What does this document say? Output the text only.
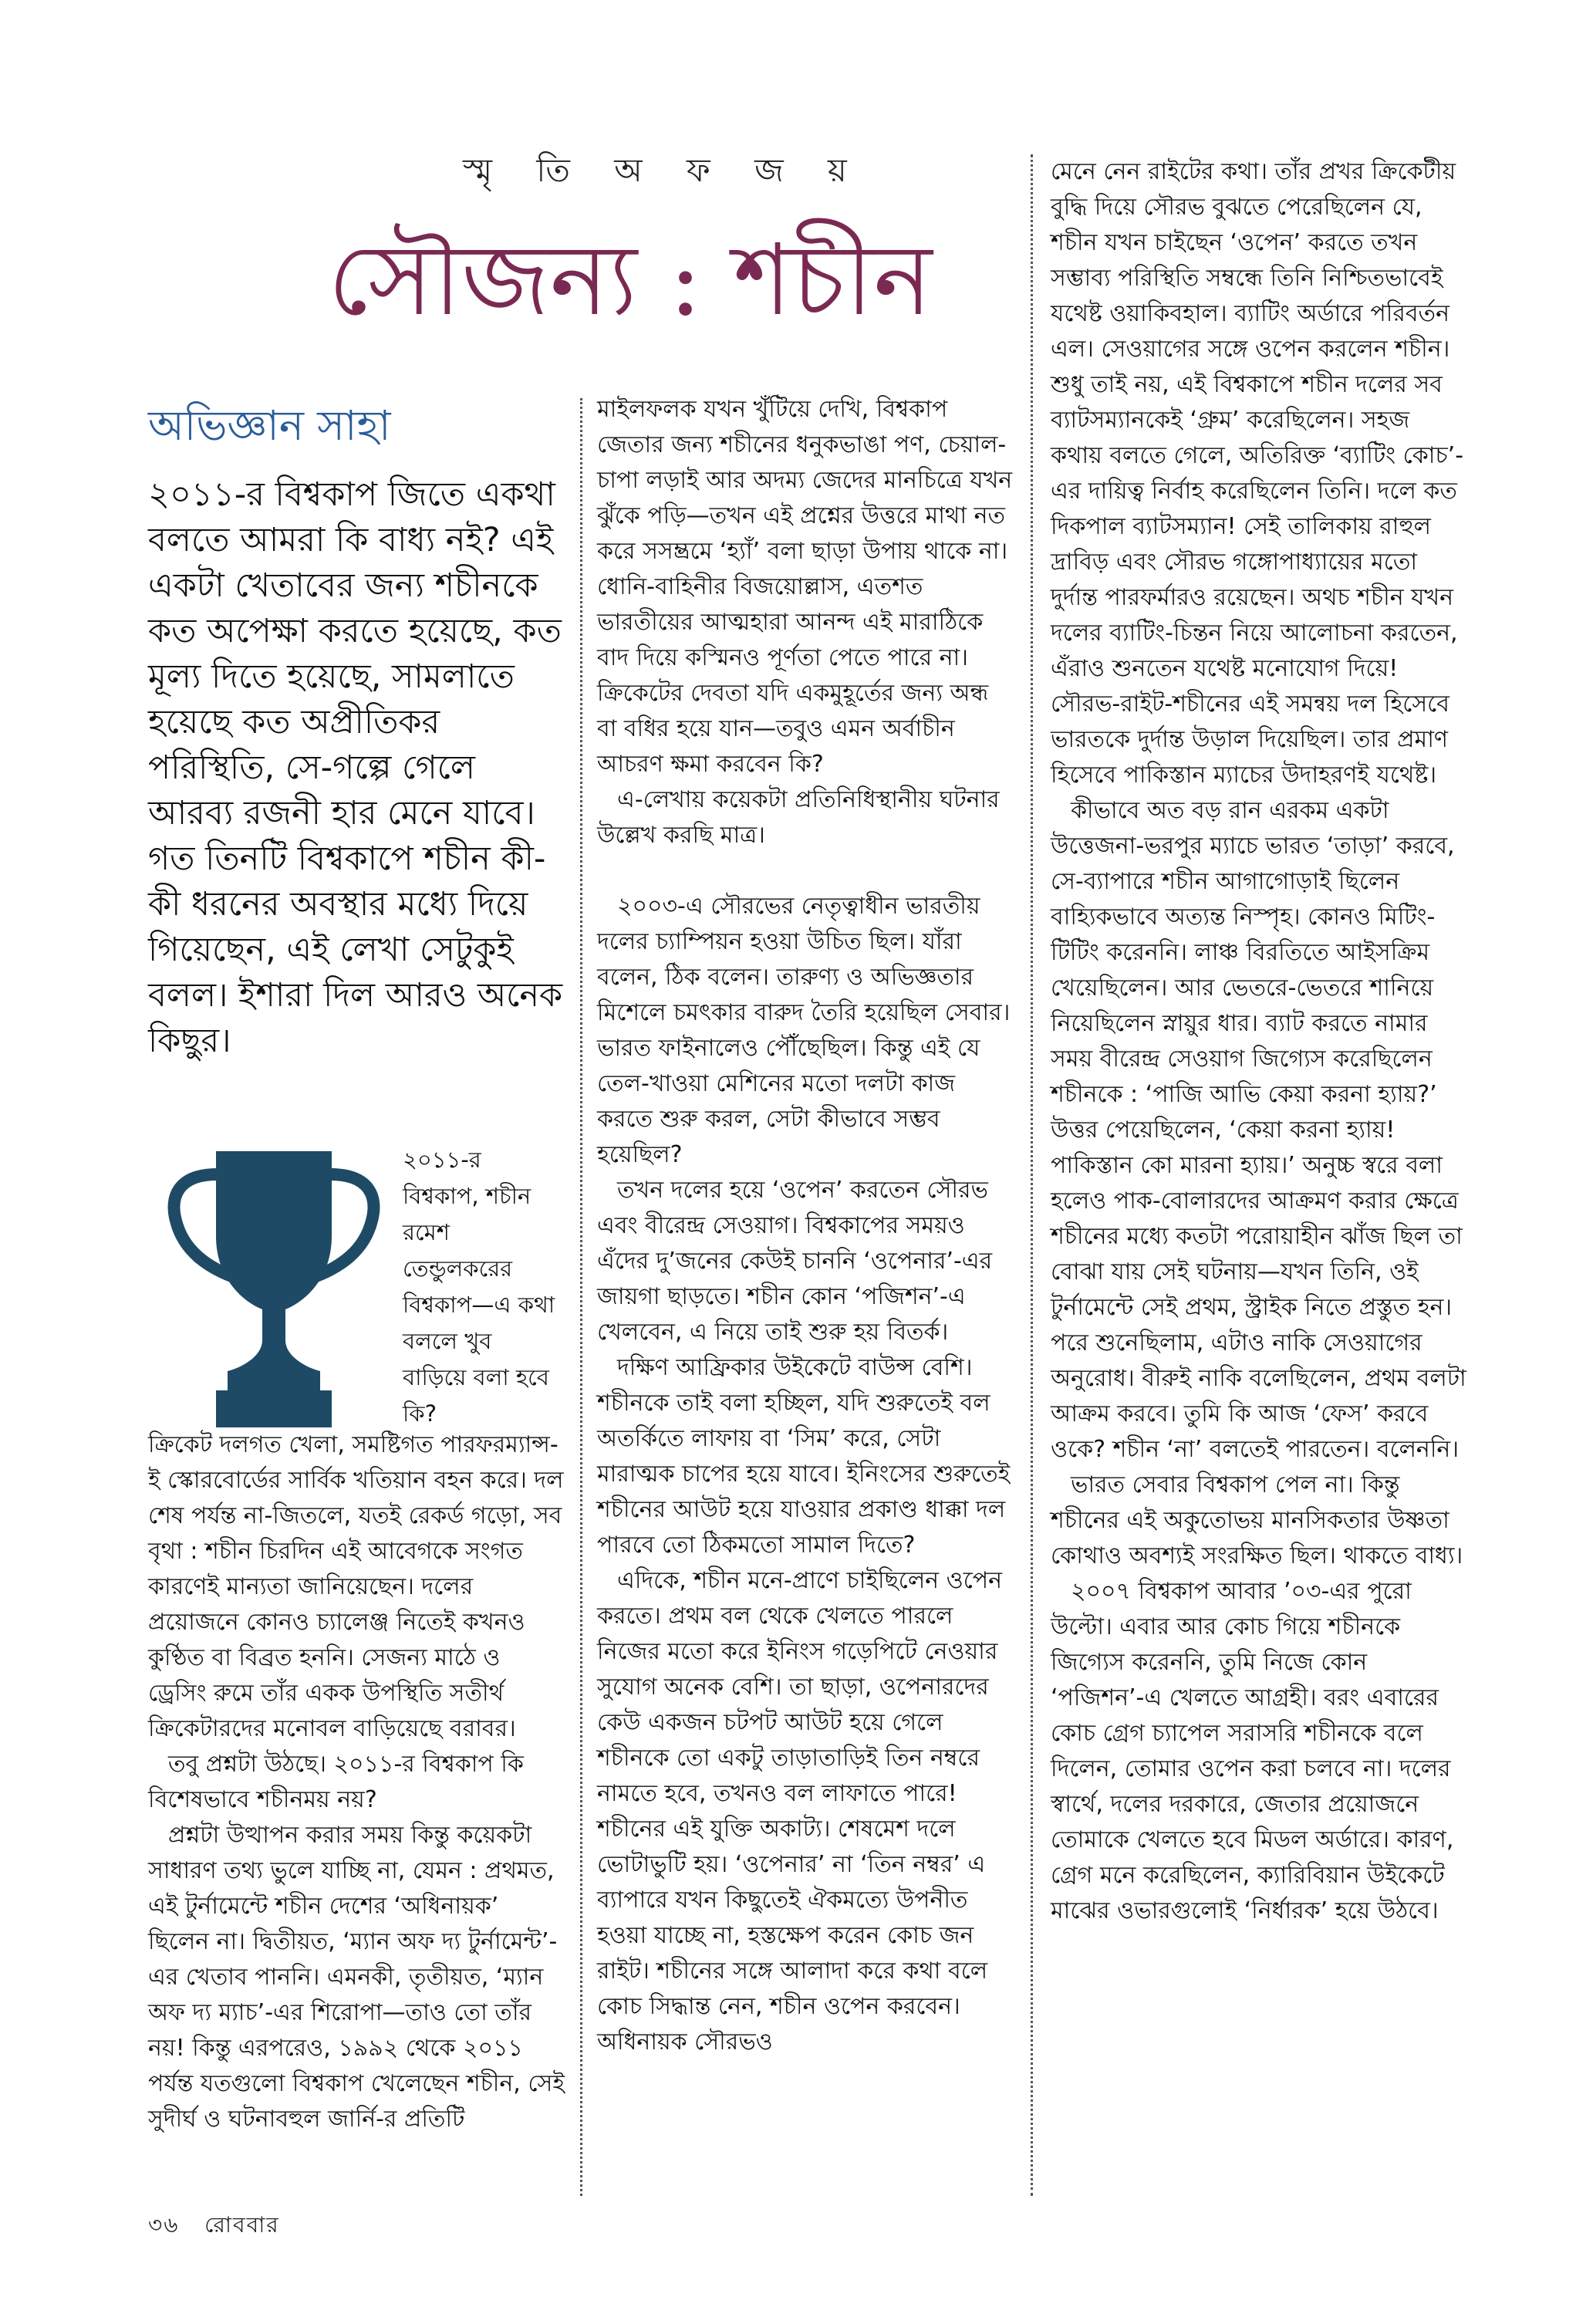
স্মৃ তি অ ফ জ য়
সৌজন্য : শচীন
অভিজ্ঞান সাহা
২০১১-র বিশ্বকাপ জিতে একথা বলতে আমরা কি বাধ্য নই? এই একটা খেতাবের জন্য শচীনকে কত অপেক্ষা করতে হয়েছে, কত মূল্য দিতে হয়েছে, সামলাতে হয়েছে কত অপ্রীতিকর পরিস্থিতি, সে-গল্পে গেলে আরব্য রজনী হার মেনে যাবে। গত তিনটি বিশ্বকাপে শচীন কী-কী ধরনের অবস্থার মধ্যে দিয়ে গিয়েছেন, এই লেখা সেটুকুই বলল। ইশারা দিল আরও অনেক কিছুর।
২০১১-র বিশ্বকাপ, শচীন রমেশ তেন্ডুলকরের বিশ্বকাপ—এ কথা বললে খুব বাড়িয়ে বলা হবে কি?

ক্রিকেট দলগত খেলা, সমষ্টিগত পারফরম্যান্স-ই স্কোরবোর্ডের সার্বিক খতিয়ান বহন করে। দল শেষ পর্যন্ত না-জিতলে, যতই রেকর্ড গড়ো, সব বৃথা : শচীন চিরদিন এই আবেগকে সংগত কারণেই মান্যতা জানিয়েছেন। দলের প্রয়োজনে কোনও চ্যালেঞ্জ নিতেই কখনও কুণ্ঠিত বা বিব্রত হননি। সেজন্য মাঠে ও ড্রেসিং রুমে তাঁর একক উপস্থিতি সতীর্থ ক্রিকেটারদের মনোবল বাড়িয়েছে বরাবর।

তবু প্রশ্নটা উঠছে। ২০১১-র বিশ্বকাপ কি বিশেষভাবে শচীনময় নয়?

প্রশ্নটা উত্থাপন করার সময় কিন্তু কয়েকটা সাধারণ তথ্য ভুলে যাচ্ছি না, যেমন : প্রথমত, এই টুর্নামেন্টে শচীন দেশের ‘অধিনায়ক’ ছিলেন না। দ্বিতীয়ত, ‘ম্যান অফ দ্য টুর্নামেন্ট’-এর খেতাব পাননি। এমনকী, তৃতীয়ত, ‘ম্যান অফ দ্য ম্যাচ’-এর শিরোপা—তাও তো তাঁর নয়! কিন্তু এরপরেও, ১৯৯২ থেকে ২০১১ পর্যন্ত যতগুলো বিশ্বকাপ খেলেছেন শচীন, সেই সুদীর্ঘ ও ঘটনাবহুল জার্নি-র প্রতিটি

মাইলফলক যখন খুঁটিয়ে দেখি, বিশ্বকাপ জেতার জন্য শচীনের ধনুকভাঙা পণ, চেয়াল-চাপা লড়াই আর অদম্য জেদের মানচিত্রে যখন ঝুঁকে পড়ি—তখন এই প্রশ্নের উত্তরে মাথা নত করে সসম্ভ্রমে ‘হ্যাঁ’ বলা ছাড়া উপায় থাকে না। ধোনি-বাহিনীর বিজয়োল্লাস, এতশত ভারতীয়ের আত্মহারা আনন্দ এই মারাঠিকে বাদ দিয়ে কস্মিনও পূর্ণতা পেতে পারে না। ক্রিকেটের দেবতা যদি একমুহূর্তের জন্য অন্ধ বা বধির হয়ে যান—তবুও এমন অর্বাচীন আচরণ ক্ষমা করবেন কি?

এ-লেখায় কয়েকটা প্রতিনিধিস্থানীয় ঘটনার উল্লেখ করছি মাত্র।

২০০৩-এ সৌরভের নেতৃত্বাধীন ভারতীয় দলের চ্যাম্পিয়ন হওয়া উচিত ছিল। যাঁরা বলেন, ঠিক বলেন। তারুণ্য ও অভিজ্ঞতার মিশেলে চমৎকার বারুদ তৈরি হয়েছিল সেবার। ভারত ফাইনালেও পৌঁছেছিল। কিন্তু এই যে তেল-খাওয়া মেশিনের মতো দলটা কাজ করতে শুরু করল, সেটা কীভাবে সম্ভব হয়েছিল?

তখন দলের হয়ে ‘ওপেন’ করতেন সৌরভ এবং বীরেন্দ্র সেওয়াগ। বিশ্বকাপের সময়ও এঁদের দু’জনের কেউই চাননি ‘ওপেনার’-এর জায়গা ছাড়তে। শচীন কোন ‘পজিশন’-এ খেলবেন, এ নিয়ে তাই শুরু হয় বিতর্ক।

দক্ষিণ আফ্রিকার উইকেটে বাউন্স বেশি। শচীনকে তাই বলা হচ্ছিল, যদি শুরুতেই বল অতর্কিতে লাফায় বা ‘সিম’ করে, সেটা মারাত্মক চাপের হয়ে যাবে। ইনিংসের শুরুতেই শচীনের আউট হয়ে যাওয়ার প্রকাণ্ড ধাক্কা দল পারবে তো ঠিকমতো সামাল দিতে?

এদিকে, শচীন মনে-প্রাণে চাইছিলেন ওপেন করতে। প্রথম বল থেকে খেলতে পারলে নিজের মতো করে ইনিংস গড়েপিটে নেওয়ার সুযোগ অনেক বেশি। তা ছাড়া, ওপেনারদের কেউ একজন চটপট আউট হয়ে গেলে শচীনকে তো একটু তাড়াতাড়িই তিন নম্বরে নামতে হবে, তখনও বল লাফাতে পারে! শচীনের এই যুক্তি অকাট্য। শেষমেশ দলে ভোটাভুটি হয়। ‘ওপেনার’ না ‘তিন নম্বর’ এ ব্যাপারে যখন কিছুতেই ঐকমত্যে উপনীত হওয়া যাচ্ছে না, হস্তক্ষেপ করেন কোচ জন রাইট। শচীনের সঙ্গে আলাদা করে কথা বলে কোচ সিদ্ধান্ত নেন, শচীন ওপেন করবেন। অধিনায়ক সৌরভও

মেনে নেন রাইটের কথা। তাঁর প্রখর ক্রিকেটীয় বুদ্ধি দিয়ে সৌরভ বুঝতে পেরেছিলেন যে, শচীন যখন চাইছেন ‘ওপেন’ করতে তখন সম্ভাব্য পরিস্থিতি সম্বন্ধে তিনি নিশ্চিতভাবেই যথেষ্ট ওয়াকিবহাল। ব্যাটিং অর্ডারে পরিবর্তন এল। সেওয়াগের সঙ্গে ওপেন করলেন শচীন। শুধু তাই নয়, এই বিশ্বকাপে শচীন দলের সব ব্যাটসম্যানকেই ‘গ্রুম’ করেছিলেন। সহজ কথায় বলতে গেলে, অতিরিক্ত ‘ব্যাটিং কোচ’-এর দায়িত্ব নির্বাহ করেছিলেন তিনি। দলে কত দিকপাল ব্যাটসম্যান! সেই তালিকায় রাহুল দ্রাবিড় এবং সৌরভ গঙ্গোপাধ্যায়ের মতো দুর্দান্ত পারফর্মারও রয়েছেন। অথচ শচীন যখন দলের ব্যাটিং-চিন্তন নিয়ে আলোচনা করতেন, এঁরাও শুনতেন যথেষ্ট মনোযোগ দিয়ে! সৌরভ-রাইট-শচীনের এই সমন্বয় দল হিসেবে ভারতকে দুর্দান্ত উড়াল দিয়েছিল। তার প্রমাণ হিসেবে পাকিস্তান ম্যাচের উদাহরণই যথেষ্ট।

কীভাবে অত বড় রান এরকম একটা উত্তেজনা-ভরপুর ম্যাচে ভারত ‘তাড়া’ করবে, সে-ব্যাপারে শচীন আগাগোড়াই ছিলেন বাহ্যিকভাবে অত্যন্ত নিস্পৃহ। কোনও মিটিং-টিটিং করেননি। লাঞ্চ বিরতিতে আইসক্রিম খেয়েছিলেন। আর ভেতরে-ভেতরে শানিয়ে নিয়েছিলেন স্নায়ুর ধার। ব্যাট করতে নামার সময় বীরেন্দ্র সেওয়াগ জিগ্যেস করেছিলেন শচীনকে : ‘পাজি আভি কেয়া করনা হ্যায়?’ উত্তর পেয়েছিলেন, ‘কেয়া করনা হ্যায়! পাকিস্তান কো মারনা হ্যায়।’ অনুচ্চ স্বরে বলা হলেও পাক-বোলারদের আক্রমণ করার ক্ষেত্রে শচীনের মধ্যে কতটা পরোয়াহীন ঝাঁজ ছিল তা বোঝা যায় সেই ঘটনায়—যখন তিনি, ওই টুর্নামেন্টে সেই প্রথম, স্ট্রাইক নিতে প্রস্তুত হন। পরে শুনেছিলাম, এটাও নাকি সেওয়াগের অনুরোধ। বীরুই নাকি বলেছিলেন, প্রথম বলটা আক্রম করবে। তুমি কি আজ ‘ফেস’ করবে ওকে? শচীন ‘না’ বলতেই পারতেন। বলেননি।

ভারত সেবার বিশ্বকাপ পেল না। কিন্তু শচীনের এই অকুতোভয় মানসিকতার উষ্ণতা কোথাও অবশ্যই সংরক্ষিত ছিল। থাকতে বাধ্য।

২০০৭ বিশ্বকাপ আবার ’০৩-এর পুরো উল্টো। এবার আর কোচ গিয়ে শচীনকে জিগ্যেস করেননি, তুমি নিজে কোন ‘পজিশন’-এ খেলতে আগ্রহী। বরং এবারের কোচ গ্রেগ চ্যাপেল সরাসরি শচীনকে বলে দিলেন, তোমার ওপেন করা চলবে না। দলের স্বার্থে, দলের দরকারে, জেতার প্রয়োজনে তোমাকে খেলতে হবে মিডল অর্ডারে। কারণ, গ্রেগ মনে করেছিলেন, ক্যারিবিয়ান উইকেটে মাঝের ওভারগুলোই ‘নির্ধারক’ হয়ে উঠবে।

৩৬ রোববার
